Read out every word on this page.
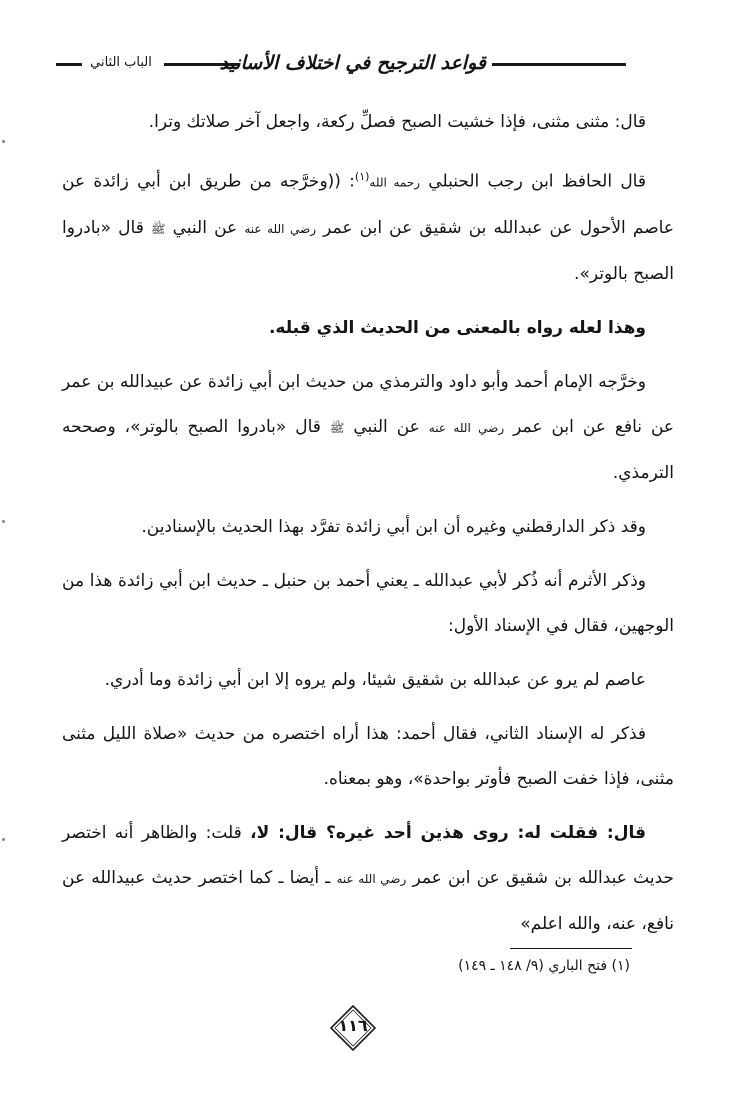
الباب الثاني	قواعد الترجيح في اختلاف الأسانيد

قال: مثنى مثنى، فإذا خشيت الصبح فصلِّ ركعة، واجعل آخر صلاتك وترا.

قال الحافظ ابن رجب الحنبلي رحمه الله$^{(١)}$: ((وخرَّجه من طريق ابن أبي زائدة عن عاصم الأحول عن عبدالله بن شقيق عن ابن عمر رضي الله عنه عن النبي ﷺ قال «بادروا الصبح بالوتر».

وهذا لعله رواه بالمعنى من الحديث الذي قبله.

وخرَّجه الإمام أحمد وأبو داود والترمذي من حديث ابن أبي زائدة عن عبيدالله بن عمر عن نافع عن ابن عمر رضي الله عنه عن النبي ﷺ قال «بادروا الصبح بالوتر»، وصححه الترمذي.

وقد ذكر الدارقطني وغيره أن ابن أبي زائدة تفرَّد بهذا الحديث بالإسنادين.

وذكر الأثرم أنه ذُكر لأبي عبدالله ـ يعني أحمد بن حنبل ـ حديث ابن أبي زائدة هذا من الوجهين، فقال في الإسناد الأول:

عاصم لم يرو عن عبدالله بن شقيق شيئا، ولم يروه إلا ابن أبي زائدة وما أدري.

فذكر له الإسناد الثاني، فقال أحمد: هذا أراه اختصره من حديث «صلاة الليل مثنى مثنى، فإذا خفت الصبح فأوتر بواحدة»، وهو بمعناه.

قال: فقلت له: روى هذين أحد غيره؟ قال: لا، قلت: والظاهر أنه اختصر حديث عبدالله بن شقيق عن ابن عمر رضي الله عنه ـ أيضا ـ كما اختصر حديث عبيدالله عن نافع، عنه، والله اعلم»

(١) فتح الباري (٩/ ١٤٨ ـ ١٤٩)
١١٦
